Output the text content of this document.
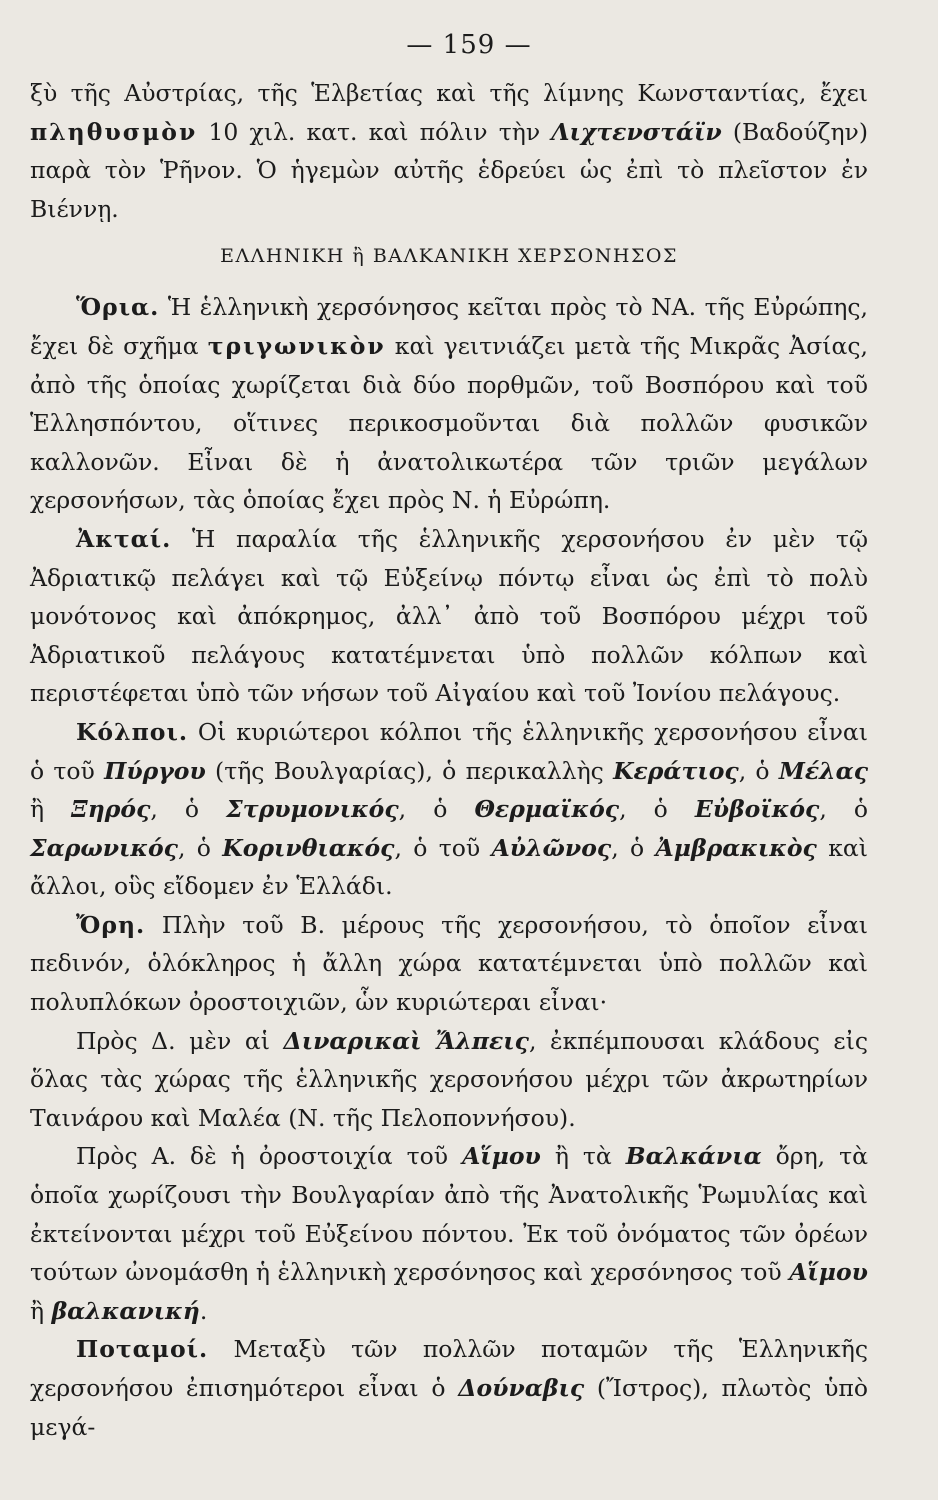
— 159 —

ξὺ τῆς Αὐστρίας, τῆς Ἑλβετίας καὶ τῆς λίμνης Κωνσταντίας, ἔχει πληθυσμὸν 10 χιλ. κατ. καὶ πόλιν τὴν Λιχτενστάϊν (Βαδούζην) παρὰ τὸν Ῥῆνον. Ὁ ἡγεμὼν αὐτῆς ἑδρεύει ὡς ἐπὶ τὸ πλεῖστον ἐν Βιέννῃ.

ΕΛΛΗΝΙΚΗ ἢ ΒΑΛΚΑΝΙΚΗ ΧΕΡΣΟΝΗΣΟΣ

Ὅρια. Ἡ ἑλληνικὴ χερσόνησος κεῖται πρὸς τὸ ΝΑ. τῆς Εὐρώπης, ἔχει δὲ σχῆμα τριγωνικὸν καὶ γειτνιάζει μετὰ τῆς Μικρᾶς Ἀσίας, ἀπὸ τῆς ὁποίας χωρίζεται διὰ δύο πορθμῶν, τοῦ Βοσπόρου καὶ τοῦ Ἑλλησπόντου, οἵτινες περικοσμοῦνται διὰ πολλῶν φυσικῶν καλλονῶν. Εἶναι δὲ ἡ ἀνατολικωτέρα τῶν τριῶν μεγάλων χερσονήσων, τὰς ὁποίας ἔχει πρὸς Ν. ἡ Εὐρώπη.

Ἀκταί. Ἡ παραλία τῆς ἑλληνικῆς χερσονήσου ἐν μὲν τῷ Ἀδριατικῷ πελάγει καὶ τῷ Εὐξείνῳ πόντῳ εἶναι ὡς ἐπὶ τὸ πολὺ μονότονος καὶ ἀπόκρημος, ἀλλ᾽ ἀπὸ τοῦ Βοσπόρου μέχρι τοῦ Ἀδριατικοῦ πελάγους κατατέμνεται ὑπὸ πολλῶν κόλπων καὶ περιστέφεται ὑπὸ τῶν νήσων τοῦ Αἰγαίου καὶ τοῦ Ἰονίου πελάγους.

Κόλποι. Οἱ κυριώτεροι κόλποι τῆς ἑλληνικῆς χερσονήσου εἶναι ὁ τοῦ Πύργου (τῆς Βουλγαρίας), ὁ περικαλλὴς Κεράτιος, ὁ Μέλας ἢ Ξηρός, ὁ Στρυμονικός, ὁ Θερμαϊκός, ὁ Εὐβοϊκός, ὁ Σαρωνικός, ὁ Κορινθιακός, ὁ τοῦ Αὐλῶνος, ὁ Ἀμβρακικὸς καὶ ἄλλοι, οὓς εἴδομεν ἐν Ἑλλάδι.

Ὄρη. Πλὴν τοῦ Β. μέρους τῆς χερσονήσου, τὸ ὁποῖον εἶναι πεδινόν, ὁλόκληρος ἡ ἄλλη χώρα κατατέμνεται ὑπὸ πολλῶν καὶ πολυπλόκων ὀροστοιχιῶν, ὧν κυριώτεραι εἶναι·

Πρὸς Δ. μὲν αἱ Διναρικαὶ Ἄλπεις, ἐκπέμπουσαι κλάδους εἰς ὅλας τὰς χώρας τῆς ἑλληνικῆς χερσονήσου μέχρι τῶν ἀκρωτηρίων Ταινάρου καὶ Μαλέα (Ν. τῆς Πελοποννήσου).

Πρὸς Α. δὲ ἡ ὀροστοιχία τοῦ Αἵμου ἢ τὰ Βαλκάνια ὄρη, τὰ ὁποῖα χωρίζουσι τὴν Βουλγαρίαν ἀπὸ τῆς Ἀνατολικῆς Ῥωμυλίας καὶ ἐκτείνονται μέχρι τοῦ Εὐξείνου πόντου. Ἐκ τοῦ ὀνόματος τῶν ὀρέων τούτων ὠνομάσθη ἡ ἑλληνικὴ χερσόνησος καὶ χερσόνησος τοῦ Αἵμου ἢ βαλκανική.

Ποταμοί. Μεταξὺ τῶν πολλῶν ποταμῶν τῆς Ἑλληνικῆς χερσονήσου ἐπισημότεροι εἶναι ὁ Δούναβις (Ἴστρος), πλωτὸς ὑπὸ μεγά-
